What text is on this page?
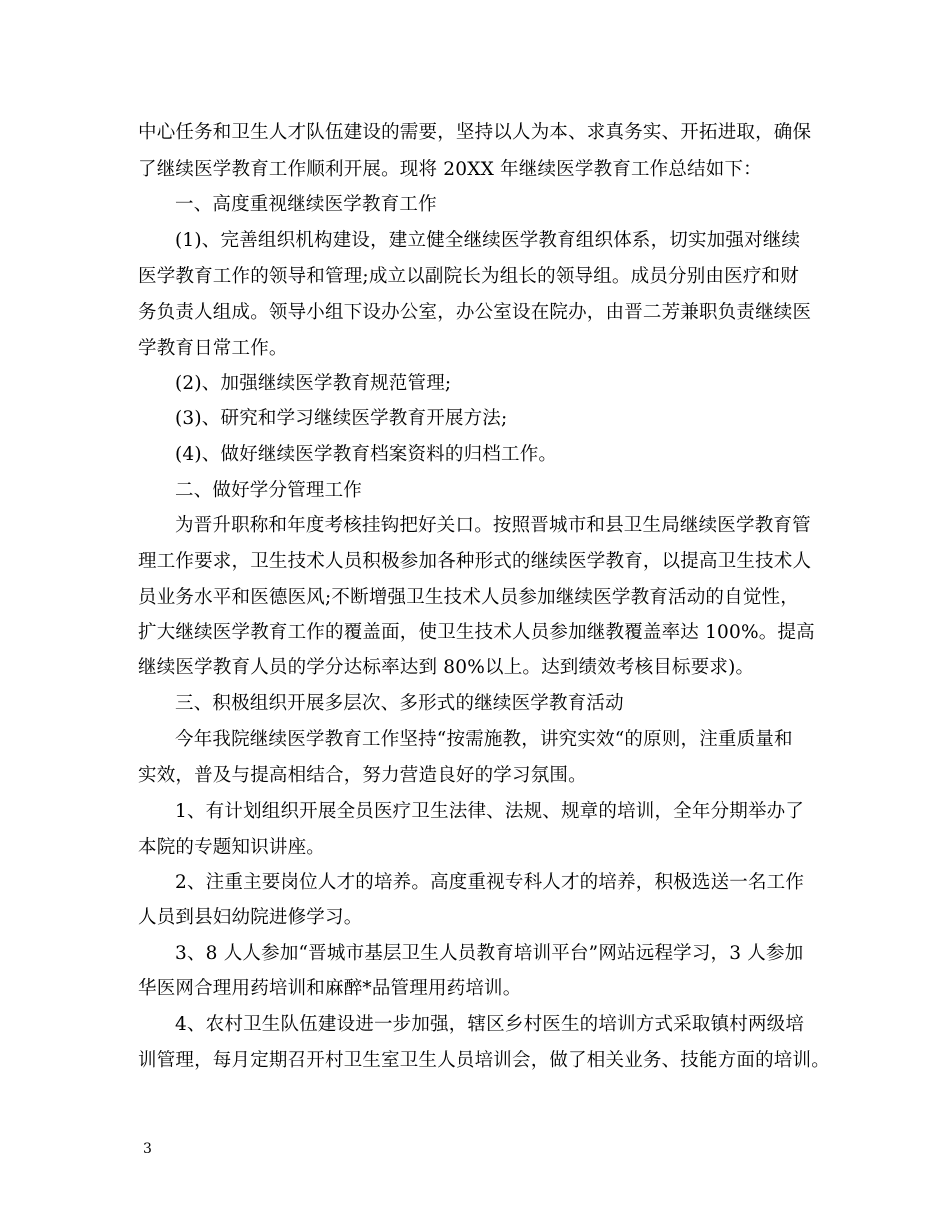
中心任务和卫生人才队伍建设的需要，坚持以人为本、求真务实、开拓进取，确保
了继续医学教育工作顺利开展。现将 20XX 年继续医学教育工作总结如下：
一、高度重视继续医学教育工作
(1)、完善组织机构建设，建立健全继续医学教育组织体系，切实加强对继续
医学教育工作的领导和管理;成立以副院长为组长的领导组。成员分别由医疗和财
务负责人组成。领导小组下设办公室，办公室设在院办，由晋二芳兼职负责继续医
学教育日常工作。
(2)、加强继续医学教育规范管理;
(3)、研究和学习继续医学教育开展方法;
(4)、做好继续医学教育档案资料的归档工作。
二、做好学分管理工作
为晋升职称和年度考核挂钩把好关口。按照晋城市和县卫生局继续医学教育管
理工作要求，卫生技术人员积极参加各种形式的继续医学教育，以提高卫生技术人
员业务水平和医德医风;不断增强卫生技术人员参加继续医学教育活动的自觉性，
扩大继续医学教育工作的覆盖面，使卫生技术人员参加继教覆盖率达 100%。提高
继续医学教育人员的学分达标率达到 80%以上。达到绩效考核目标要求)。
三、积极组织开展多层次、多形式的继续医学教育活动
今年我院继续医学教育工作坚持“按需施教，讲究实效“的原则，注重质量和
实效，普及与提高相结合，努力营造良好的学习氛围。
1、有计划组织开展全员医疗卫生法律、法规、规章的培训，全年分期举办了
本院的专题知识讲座。
2、注重主要岗位人才的培养。高度重视专科人才的培养，积极选送一名工作
人员到县妇幼院进修学习。
3、8 人人参加“晋城市基层卫生人员教育培训平台”网站远程学习，3 人参加
华医网合理用药培训和麻醉*品管理用药培训。
4、农村卫生队伍建设进一步加强，辖区乡村医生的培训方式采取镇村两级培
训管理，每月定期召开村卫生室卫生人员培训会，做了相关业务、技能方面的培训。
3
